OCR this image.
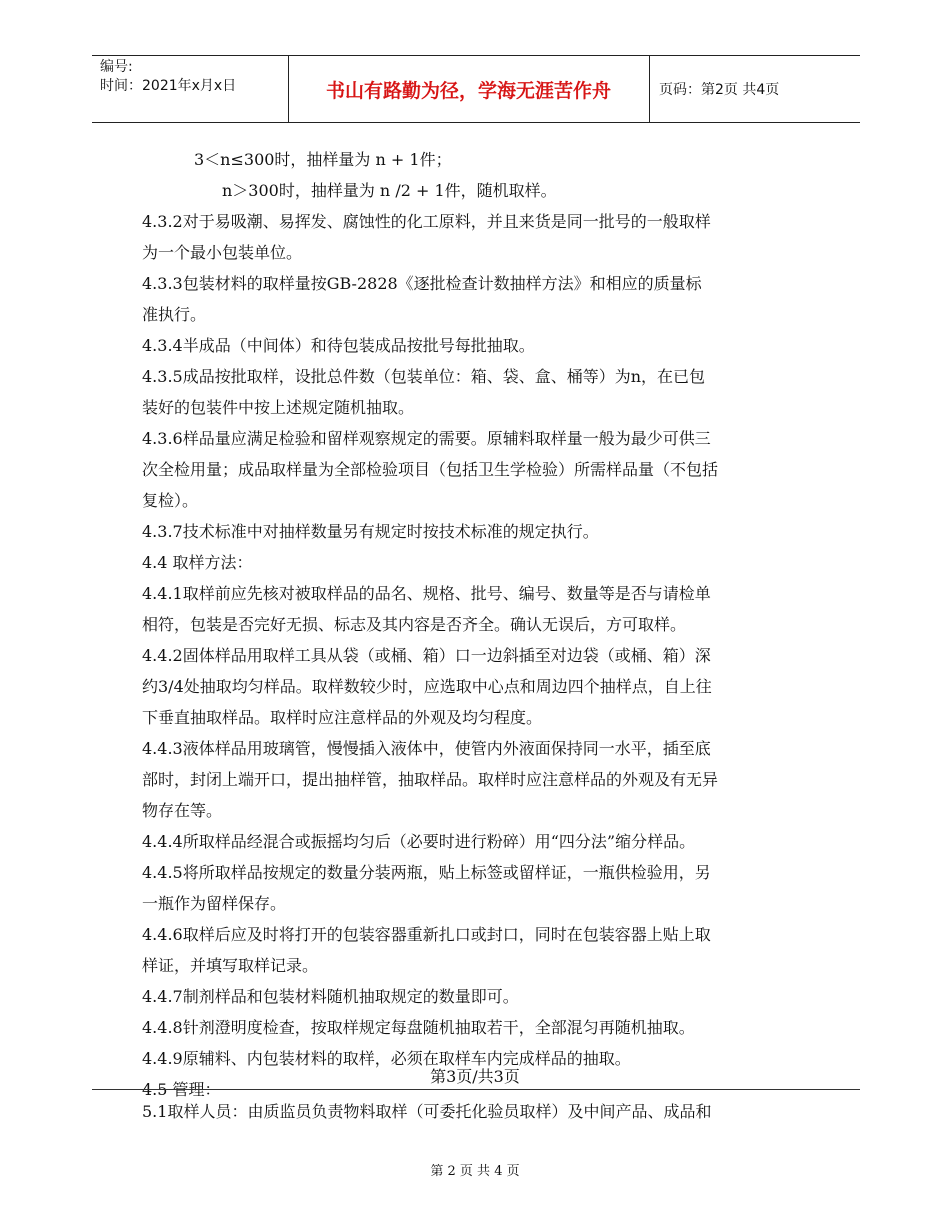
编号:
时间：2021年x月x日	书山有路勤为径，学海无涯苦作舟	页码：第2页 共4页
3＜n≤300时，抽样量为 n + 1件；
n＞300时，抽样量为 n /2 + 1件，随机取样。
4.3.2对于易吸潮、易挥发、腐蚀性的化工原料，并且来货是同一批号的一般取样
为一个最小包装单位。
4.3.3包装材料的取样量按GB-2828《逐批检查计数抽样方法》和相应的质量标
准执行。
4.3.4半成品（中间体）和待包装成品按批号每批抽取。
4.3.5成品按批取样，设批总件数（包装单位：箱、袋、盒、桶等）为n，在已包
装好的包装件中按上述规定随机抽取。
4.3.6样品量应满足检验和留样观察规定的需要。原辅料取样量一般为最少可供三
次全检用量；成品取样量为全部检验项目（包括卫生学检验）所需样品量（不包括
复检）。
4.3.7技术标准中对抽样数量另有规定时按技术标准的规定执行。
4.4 取样方法：
4.4.1取样前应先核对被取样品的品名、规格、批号、编号、数量等是否与请检单
相符，包装是否完好无损、标志及其内容是否齐全。确认无误后，方可取样。
4.4.2固体样品用取样工具从袋（或桶、箱）口一边斜插至对边袋（或桶、箱）深
约3/4处抽取均匀样品。取样数较少时，应选取中心点和周边四个抽样点，自上往
下垂直抽取样品。取样时应注意样品的外观及均匀程度。
4.4.3液体样品用玻璃管，慢慢插入液体中，使管内外液面保持同一水平，插至底
部时，封闭上端开口，提出抽样管，抽取样品。取样时应注意样品的外观及有无异
物存在等。
4.4.4所取样品经混合或振摇均匀后（必要时进行粉碎）用“四分法”缩分样品。
4.4.5将所取样品按规定的数量分装两瓶，贴上标签或留样证，一瓶供检验用，另
一瓶作为留样保存。
4.4.6取样后应及时将打开的包装容器重新扎口或封口，同时在包装容器上贴上取
样证，并填写取样记录。
4.4.7制剂样品和包装材料随机抽取规定的数量即可。
4.4.8针剂澄明度检查，按取样规定每盘随机抽取若干，全部混匀再随机抽取。
4.4.9原辅料、内包装材料的取样，必须在取样车内完成样品的抽取。
4.5 管理：
第3页/共3页
5.1取样人员：由质监员负责物料取样（可委托化验员取样）及中间产品、成品和
第 2 页 共 4 页
